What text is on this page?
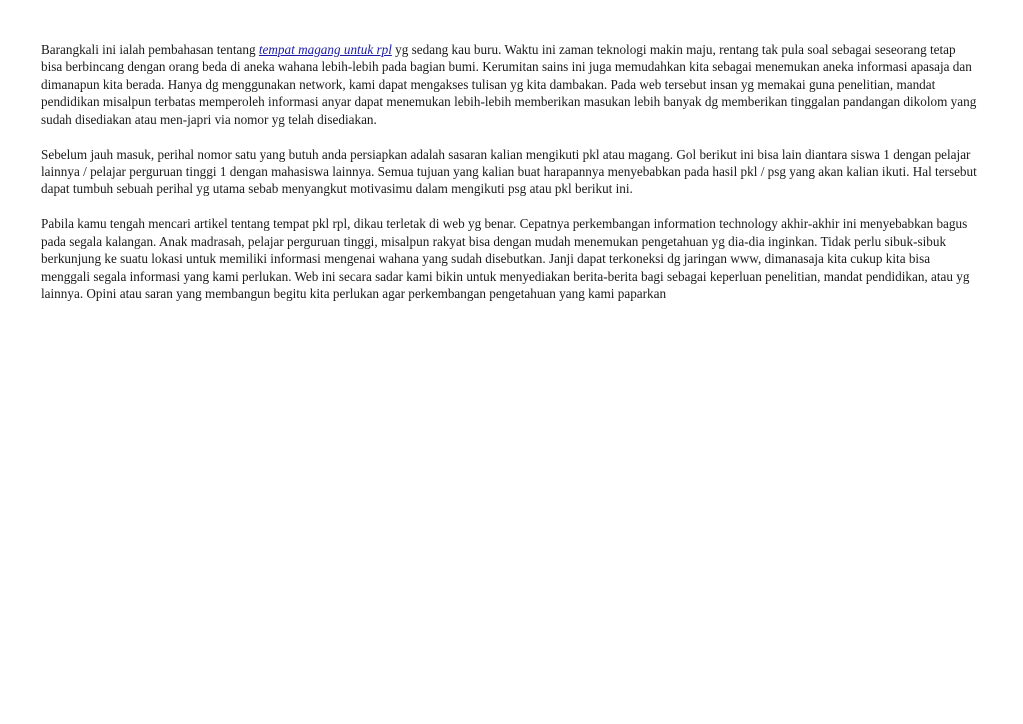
Barangkali ini ialah pembahasan tentang tempat magang untuk rpl yg sedang kau buru. Waktu ini zaman teknologi makin maju, rentang tak pula soal sebagai seseorang tetap bisa berbincang dengan orang beda di aneka wahana lebih-lebih pada bagian bumi. Kerumitan sains ini juga memudahkan kita sebagai menemukan aneka informasi apasaja dan dimanapun kita berada. Hanya dg menggunakan network, kami dapat mengakses tulisan yg kita dambakan. Pada web tersebut insan yg memakai guna penelitian, mandat pendidikan misalpun terbatas memperoleh informasi anyar dapat menemukan lebih-lebih memberikan masukan lebih banyak dg memberikan tinggalan pandangan dikolom yang sudah disediakan atau men-japri via nomor yg telah disediakan.

Sebelum jauh masuk, perihal nomor satu yang butuh anda persiapkan adalah sasaran kalian mengikuti pkl atau magang. Gol berikut ini bisa lain diantara siswa 1 dengan pelajar lainnya / pelajar perguruan tinggi 1 dengan mahasiswa lainnya. Semua tujuan yang kalian buat harapannya menyebabkan pada hasil pkl / psg yang akan kalian ikuti. Hal tersebut dapat tumbuh sebuah perihal yg utama sebab menyangkut motivasimu dalam mengikuti psg atau pkl berikut ini.

Pabila kamu tengah mencari artikel tentang tempat pkl rpl, dikau terletak di web yg benar. Cepatnya perkembangan information technology akhir-akhir ini menyebabkan bagus pada segala kalangan. Anak madrasah, pelajar perguruan tinggi, misalpun rakyat bisa dengan mudah menemukan pengetahuan yg dia-dia inginkan. Tidak perlu sibuk-sibuk berkunjung ke suatu lokasi untuk memiliki informasi mengenai wahana yang sudah disebutkan. Janji dapat terkoneksi dg jaringan www, dimanasaja kita cukup kita bisa menggali segala informasi yang kami perlukan. Web ini secara sadar kami bikin untuk menyediakan berita-berita bagi sebagai keperluan penelitian, mandat pendidikan, atau yg lainnya. Opini atau saran yang membangun begitu kita perlukan agar perkembangan pengetahuan yang kami paparkan
